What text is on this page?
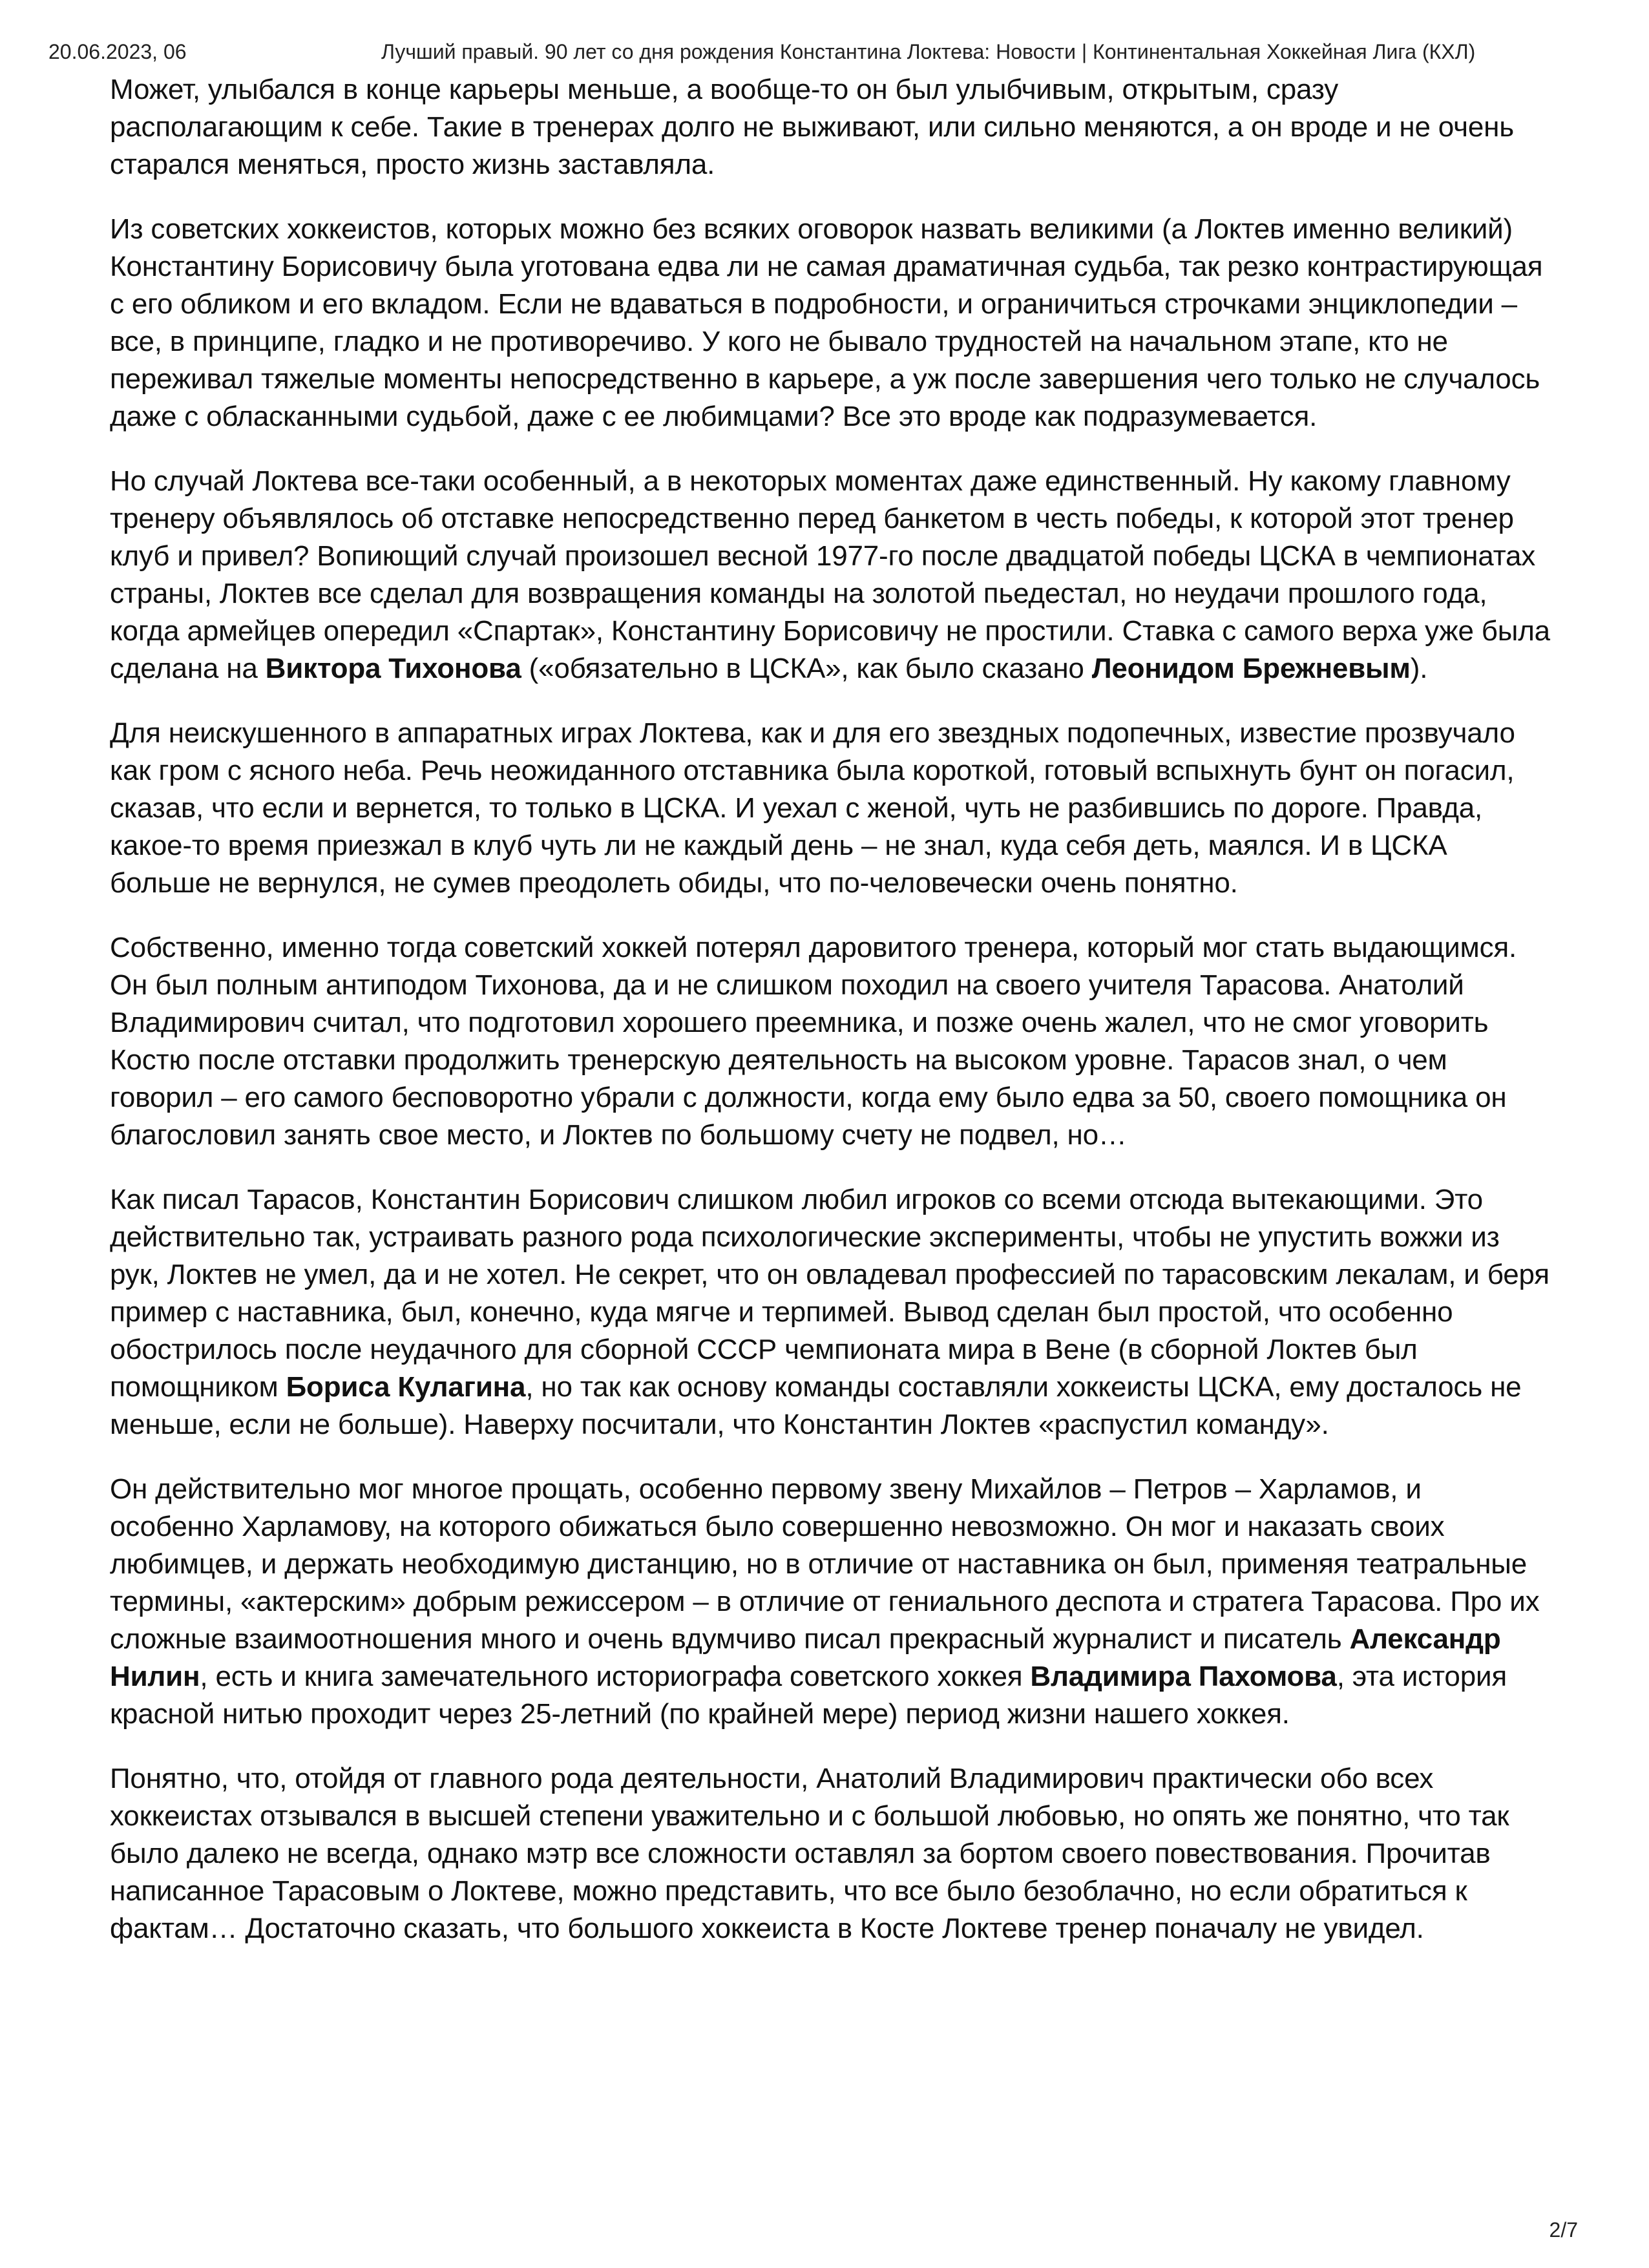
20.06.2023, 06	Лучший правый. 90 лет со дня рождения Константина Локтева: Новости | Континентальная Хоккейная Лига (КХЛ)

Может, улыбался в конце карьеры меньше, а вообще-то он был улыбчивым, открытым, сразу располагающим к себе. Такие в тренерах долго не выживают, или сильно меняются, а он вроде и не очень старался меняться, просто жизнь заставляла.

Из советских хоккеистов, которых можно без всяких оговорок назвать великими (а Локтев именно великий) Константину Борисовичу была уготована едва ли не самая драматичная судьба, так резко контрастирующая с его обликом и его вкладом. Если не вдаваться в подробности, и ограничиться строчками энциклопедии – все, в принципе, гладко и не противоречиво. У кого не бывало трудностей на начальном этапе, кто не переживал тяжелые моменты непосредственно в карьере, а уж после завершения чего только не случалось даже с обласканными судьбой, даже с ее любимцами? Все это вроде как подразумевается.

Но случай Локтева все-таки особенный, а в некоторых моментах даже единственный. Ну какому главному тренеру объявлялось об отставке непосредственно перед банкетом в честь победы, к которой этот тренер клуб и привел? Вопиющий случай произошел весной 1977-го после двадцатой победы ЦСКА в чемпионатах страны, Локтев все сделал для возвращения команды на золотой пьедестал, но неудачи прошлого года, когда армейцев опередил «Спартак», Константину Борисовичу не простили. Ставка с самого верха уже была сделана на Виктора Тихонова («обязательно в ЦСКА», как было сказано Леонидом Брежневым).

Для неискушенного в аппаратных играх Локтева, как и для его звездных подопечных, известие прозвучало как гром с ясного неба. Речь неожиданного отставника была короткой, готовый вспыхнуть бунт он погасил, сказав, что если и вернется, то только в ЦСКА. И уехал с женой, чуть не разбившись по дороге. Правда, какое-то время приезжал в клуб чуть ли не каждый день – не знал, куда себя деть, маялся. И в ЦСКА больше не вернулся, не сумев преодолеть обиды, что по-человечески очень понятно.

Собственно, именно тогда советский хоккей потерял даровитого тренера, который мог стать выдающимся. Он был полным антиподом Тихонова, да и не слишком походил на своего учителя Тарасова. Анатолий Владимирович считал, что подготовил хорошего преемника, и позже очень жалел, что не смог уговорить Костю после отставки продолжить тренерскую деятельность на высоком уровне. Тарасов знал, о чем говорил – его самого бесповоротно убрали с должности, когда ему было едва за 50, своего помощника он благословил занять свое место, и Локтев по большому счету не подвел, но…

Как писал Тарасов, Константин Борисович слишком любил игроков со всеми отсюда вытекающими. Это действительно так, устраивать разного рода психологические эксперименты, чтобы не упустить вожжи из рук, Локтев не умел, да и не хотел. Не секрет, что он овладевал профессией по тарасовским лекалам, и беря пример с наставника, был, конечно, куда мягче и терпимей. Вывод сделан был простой, что особенно обострилось после неудачного для сборной СССР чемпионата мира в Вене (в сборной Локтев был помощником Бориса Кулагина, но так как основу команды составляли хоккеисты ЦСКА, ему досталось не меньше, если не больше). Наверху посчитали, что Константин Локтев «распустил команду».

Он действительно мог многое прощать, особенно первому звену Михайлов – Петров – Харламов, и особенно Харламову, на которого обижаться было совершенно невозможно. Он мог и наказать своих любимцев, и держать необходимую дистанцию, но в отличие от наставника он был, применяя театральные термины, «актерским» добрым режиссером – в отличие от гениального деспота и стратега Тарасова. Про их сложные взаимоотношения много и очень вдумчиво писал прекрасный журналист и писатель Александр Нилин, есть и книга замечательного историографа советского хоккея Владимира Пахомова, эта история красной нитью проходит через 25-летний (по крайней мере) период жизни нашего хоккея.

Понятно, что, отойдя от главного рода деятельности, Анатолий Владимирович практически обо всех хоккеистах отзывался в высшей степени уважительно и с большой любовью, но опять же понятно, что так было далеко не всегда, однако мэтр все сложности оставлял за бортом своего повествования. Прочитав написанное Тарасовым о Локтеве, можно представить, что все было безоблачно, но если обратиться к фактам… Достаточно сказать, что большого хоккеиста в Косте Локтеве тренер поначалу не увидел.

2/7
